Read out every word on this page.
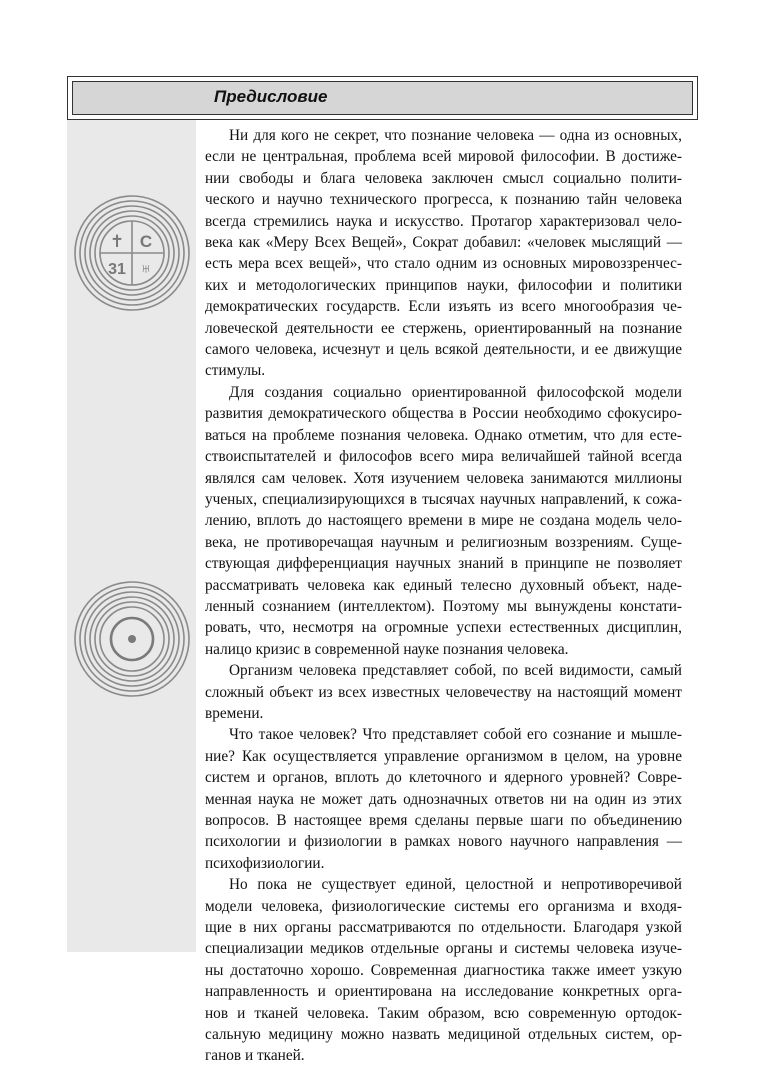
Предисловие
✝ С
31 ♅

Ни для кого не секрет, что познание человека — одна из основных,
если не центральная, проблема всей мировой философии. В достиже-
нии свободы и блага человека заключен смысл социально полити-
ческого и научно технического прогресса, к познанию тайн человека
всегда стремились наука и искусство. Протагор характеризовал чело-
века как «Меру Всех Вещей», Сократ добавил: «человек мыслящий —
есть мера всех вещей», что стало одним из основных мировоззренчес-
ких и методологических принципов науки, философии и политики
демократических государств. Если изъять из всего многообразия че-
ловеческой деятельности ее стержень, ориентированный на познание
самого человека, исчезнут и цель всякой деятельности, и ее движущие
стимулы.

Для создания социально ориентированной философской модели
развития демократического общества в России необходимо сфокусиро-
ваться на проблеме познания человека. Однако отметим, что для есте-
ствоиспытателей и философов всего мира величайшей тайной всегда
являлся сам человек. Хотя изучением человека занимаются миллионы
ученых, специализирующихся в тысячах научных направлений, к сожа-
лению, вплоть до настоящего времени в мире не создана модель чело-
века, не противоречащая научным и религиозным воззрениям. Суще-
ствующая дифференциация научных знаний в принципе не позволяет
рассматривать человека как единый телесно духовный объект, наде-
ленный сознанием (интеллектом). Поэтому мы вынуждены констати-
ровать, что, несмотря на огромные успехи естественных дисциплин,
налицо кризис в современной науке познания человека.

Организм человека представляет собой, по всей видимости, самый
сложный объект из всех известных человечеству на настоящий момент
времени.

Что такое человек? Что представляет собой его сознание и мышле-
ние? Как осуществляется управление организмом в целом, на уровне
систем и органов, вплоть до клеточного и ядерного уровней? Совре-
менная наука не может дать однозначных ответов ни на один из этих
вопросов. В настоящее время сделаны первые шаги по объединению
психологии и физиологии в рамках нового научного направления —
психофизиологии.

Но пока не существует единой, целостной и непротиворечивой
модели человека, физиологические системы его организма и входя-
щие в них органы рассматриваются по отдельности. Благодаря узкой
специализации медиков отдельные органы и системы человека изуче-
ны достаточно хорошо. Современная диагностика также имеет узкую
направленность и ориентирована на исследование конкретных орга-
нов и тканей человека. Таким образом, всю современную ортодок-
сальную медицину можно назвать медициной отдельных систем, ор-
ганов и тканей.
